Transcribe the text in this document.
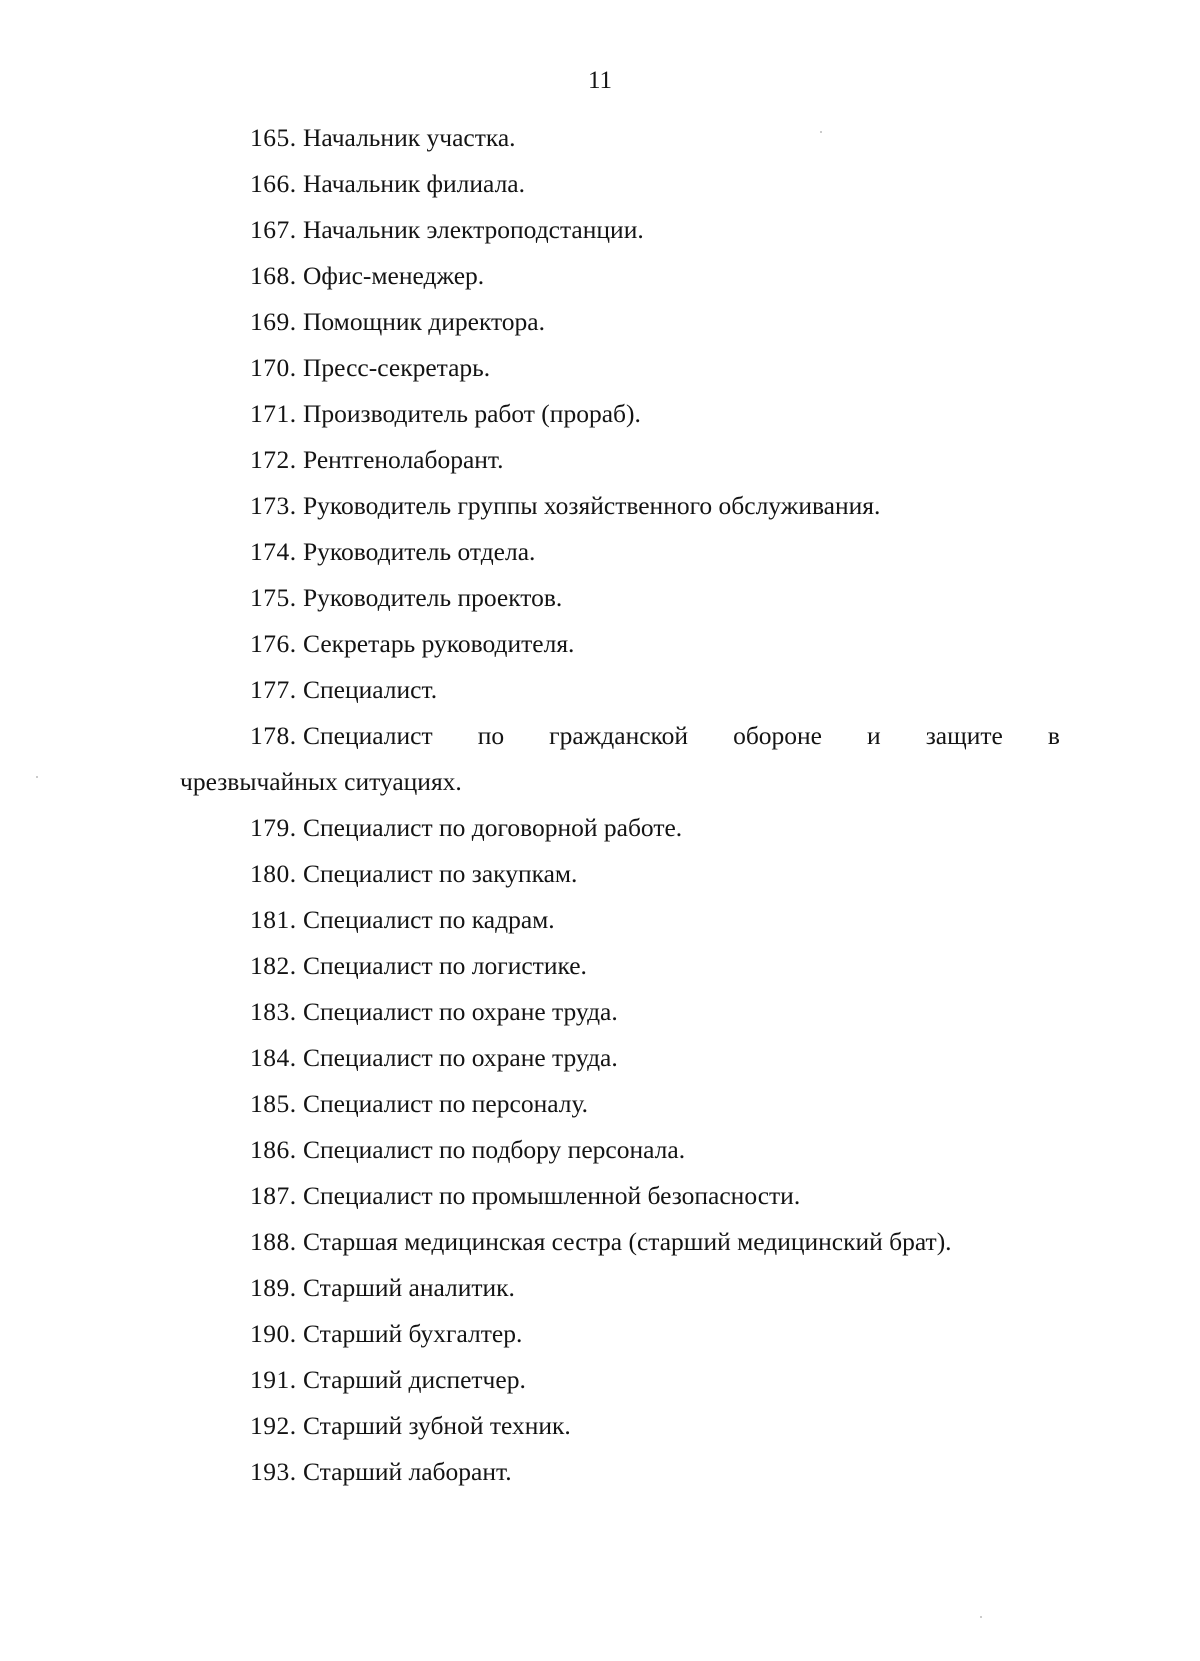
11
165. Начальник участка.
166. Начальник филиала.
167. Начальник электроподстанции.
168. Офис-менеджер.
169. Помощник директора.
170. Пресс-секретарь.
171. Производитель работ (прораб).
172. Рентгенолаборант.
173. Руководитель группы хозяйственного обслуживания.
174. Руководитель отдела.
175. Руководитель проектов.
176. Секретарь руководителя.
177. Специалист.
178. Специалист по гражданской обороне и защите в
чрезвычайных ситуациях.
179. Специалист по договорной работе.
180. Специалист по закупкам.
181. Специалист по кадрам.
182. Специалист по логистике.
183. Специалист по охране труда.
184. Специалист по охране труда.
185. Специалист по персоналу.
186. Специалист по подбору персонала.
187. Специалист по промышленной безопасности.
188. Старшая медицинская сестра (старший медицинский брат).
189. Старший аналитик.
190. Старший бухгалтер.
191. Старший диспетчер.
192. Старший зубной техник.
193. Старший лаборант.
